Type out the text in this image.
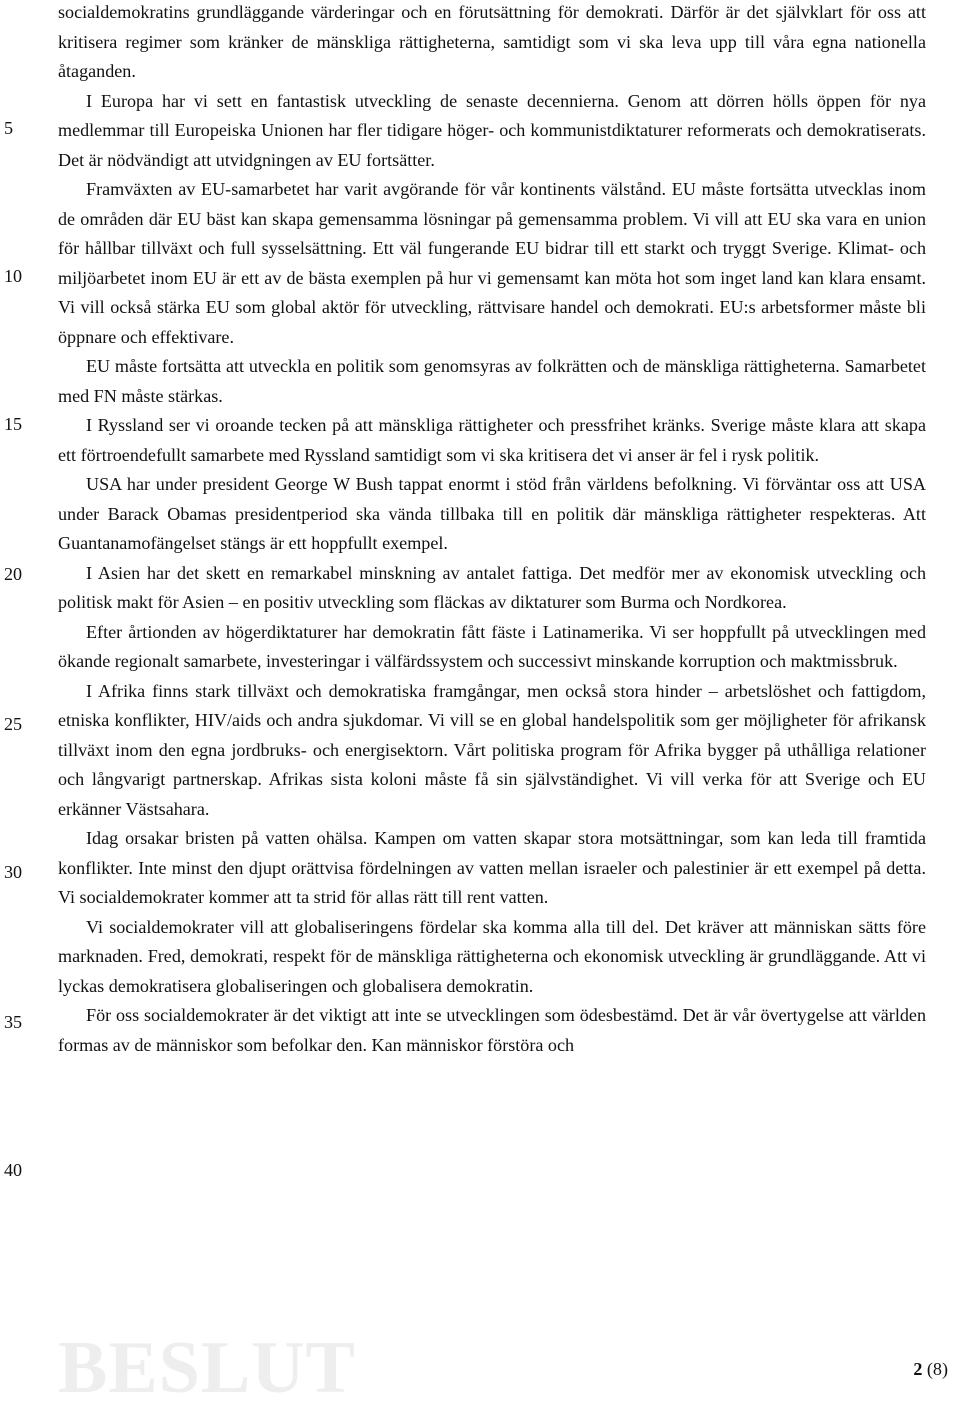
5
10
15
20
25
30
35
40

socialdemokratins grundläggande värderingar och en förutsättning för demokrati. Därför är det självklart för oss att kritisera regimer som kränker de mänskliga rättigheterna, samtidigt som vi ska leva upp till våra egna nationella åtaganden.

I Europa har vi sett en fantastisk utveckling de senaste decennierna. Genom att dörren hölls öppen för nya medlemmar till Europeiska Unionen har fler tidigare höger- och kommunistdiktaturer reformerats och demokratiserats. Det är nödvändigt att utvidgningen av EU fortsätter.

Framväxten av EU-samarbetet har varit avgörande för vår kontinents välstånd. EU måste fortsätta utvecklas inom de områden där EU bäst kan skapa gemensamma lösningar på gemensamma problem. Vi vill att EU ska vara en union för hållbar tillväxt och full sysselsättning. Ett väl fungerande EU bidrar till ett starkt och tryggt Sverige. Klimat- och miljöarbetet inom EU är ett av de bästa exemplen på hur vi gemensamt kan möta hot som inget land kan klara ensamt. Vi vill också stärka EU som global aktör för utveckling, rättvisare handel och demokrati. EU:s arbetsformer måste bli öppnare och effektivare.

EU måste fortsätta att utveckla en politik som genomsyras av folkrätten och de mänskliga rättigheterna. Samarbetet med FN måste stärkas.

I Ryssland ser vi oroande tecken på att mänskliga rättigheter och pressfrihet kränks. Sverige måste klara att skapa ett förtroendefullt samarbete med Ryssland samtidigt som vi ska kritisera det vi anser är fel i rysk politik.

USA har under president George W Bush tappat enormt i stöd från världens befolkning. Vi förväntar oss att USA under Barack Obamas presidentperiod ska vända tillbaka till en politik där mänskliga rättigheter respekteras. Att Guantanamofängelset stängs är ett hoppfullt exempel.

I Asien har det skett en remarkabel minskning av antalet fattiga. Det medför mer av ekonomisk utveckling och politisk makt för Asien – en positiv utveckling som fläckas av diktaturer som Burma och Nordkorea.

Efter årtionden av högerdiktaturer har demokratin fått fäste i Latinamerika. Vi ser hoppfullt på utvecklingen med ökande regionalt samarbete, investeringar i välfärdssystem och successivt minskande korruption och maktmissbruk.

I Afrika finns stark tillväxt och demokratiska framgångar, men också stora hinder – arbetslöshet och fattigdom, etniska konflikter, HIV/aids och andra sjukdomar. Vi vill se en global handelspolitik som ger möjligheter för afrikansk tillväxt inom den egna jordbruks- och energisektorn. Vårt politiska program för Afrika bygger på uthålliga relationer och långvarigt partnerskap. Afrikas sista koloni måste få sin självständighet. Vi vill verka för att Sverige och EU erkänner Västsahara.

Idag orsakar bristen på vatten ohälsa. Kampen om vatten skapar stora motsättningar, som kan leda till framtida konflikter. Inte minst den djupt orättvisa fördelningen av vatten mellan israeler och palestinier är ett exempel på detta. Vi socialdemokrater kommer att ta strid för allas rätt till rent vatten.

Vi socialdemokrater vill att globaliseringens fördelar ska komma alla till del. Det kräver att människan sätts före marknaden. Fred, demokrati, respekt för de mänskliga rättigheterna och ekonomisk utveckling är grundläggande. Att vi lyckas demokratisera globaliseringen och globalisera demokratin.

För oss socialdemokrater är det viktigt att inte se utvecklingen som ödesbestämd. Det är vår övertygelse att världen formas av de människor som befolkar den. Kan människor förstöra och

BESLUT	2 (8)
